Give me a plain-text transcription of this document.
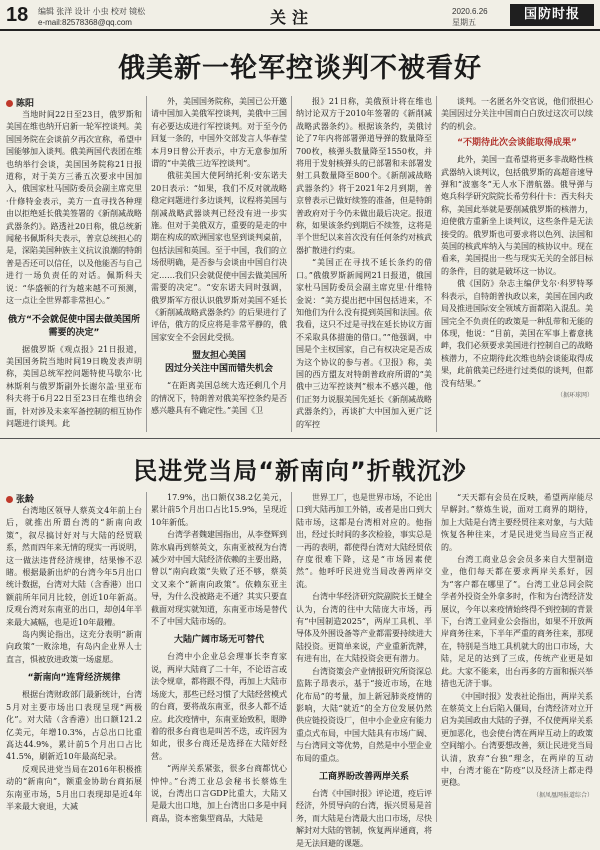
18 编辑 张洋 设计 小虫 校对 镜松
e-mail:82578368@qq.com	关注	2020.6.26
星期五
国防时报
俄美新一轮军控谈判不被看好

陈阳

当地时间22日至23日，俄罗斯和美国在维也纳开启新一轮军控谈判。美国国务院在会谈前夕再次宣称，希望中国能够加入谈判。俄美两国代表团在维也纳举行会谈，美国国务院称21日报道称，对于美方三番五次要求中国加入，俄国家杜马国防委员会副主席克里·什修特金表示，美方一直寻找各种理由以拒绝延长俄美签署的《新削减战略武器条约》。路透社20日称，俄总统新闻秘书佩斯科夫表示，普京总统担心的是，深陷美国种族主义抗议浪潮的特朗普是否还可以信任，以及他能否与自己进行一场负责任的对话。佩斯科夫说：“华盛顿的行为越来越不可预测，这一点让全世界都非常担心。”

俄方“不会就促使中国去做美国所需要的决定”

据俄罗斯《观点报》21日报道，美国国务院当地时间19日晚发表声明称，美国总统军控问题特使马歇尔·比林斯利与俄罗斯副外长谢尔盖·里亚布科夫将于6月22日至23日在维也纳会面，针对涉及未来军备控制的相互协作问题进行谈判。此

外，美国国务院称，美国已公开邀请中国加入美俄军控谈判，美俄中三国有必要达成进行军控谈判。对于至今仍回复一条的，中国外交部发言人华春莹本月9日曾公开表示，中方无意参加所谓的“中美俄三边军控谈判”。

俄驻美国大使阿纳托利·安东诺夫20日表示：“如果，我们不反对就战略稳定问题进行多边谈判，议程将美国与削减战略武器谈判已经没有进一步实施。但对于美俄双方，重要的是走的中期在构成的欧洲国家也坚到谈判桌前，包括法国和英国。至于中国，我们的立场很明确，是否参与会谈由中国自行决定……我们只会就促使中国去做美国所需要的决定”。“安东诺夫同时强调，俄罗斯军方很认识俄罗斯对美国不延长《新削减战略武器条约》的后果进行了评估，俄方的反应将是非常平静的，俄国家安全不会因此受损。

盟友担心美国
因过分关注中国而错失机会

“在距离美国总统大选还剩几个月的情况下，特朗普对俄美军控条约是否感兴趣具有不确定性。”美国《卫

报》21日称，美俄预计将在维也纳讨论双方于2010年签署的《新削减战略武器条约》。根据该条约，美俄讨论了7年内将部署弹道导弹的数量降至700枚，核弹头数量降至1550枚，并将用于发射核弹头的已部署和未部署发射工具数量降至800个。《新削减战略武器条约》将于2021年2月到期，普京曾表示已做好续签的准备，但是特朗普政府对于今仍未做出最后决定。报道称，如果该条约到期后不续签，这将是半个世纪以来首次没有任何条约对核武器扩散进行约束。

“美国正在寻找不延长条约的借口。”俄俄罗斯新闻网21日报道，俄国家杜马国防委员会副主席克里·什维特金说：“美方提出把中国包括进来，不知他们为什么没有提到英国和法国。依我看，这只不过是寻找在延长协议方面不采取具体措施的借口。””他强调，中国是个主权国家，自己有权决定是否成为这个协议的参与者。《卫报》称，美国的西方盟友对特朗普政府所谓的“美俄中三边军控谈判”根本不感兴趣，他们正努力说服美国先延长《新削减战略武器条约》，再谈扩大中国加入更广泛的军控

谈判。一名匿名外交官说，他们很担心美国因过分关注中国而白白放过这次可以续约的机会。

“不期待此次会谈能取得成果”

此外，美国一直希望将更多非战略性核武器纳入谈判议，包括俄罗斯的高超音速导弹和“波塞冬”无人水下潜航器。俄导弹与炮兵科学研究院院长希劳科什卡：西夫科夫称，美国此举就是要削减俄罗斯的核潜力，迫使俄方重新坐上谈判议，这些条件是无法接受的。俄罗斯也可要求将以色列、法国和英国的核武库纳入与美国的核协议中。现在看来，美国提出一些与现实无关的全部目标的条件，目的就是破坏这一协议。

俄《国防》杂志主编伊戈尔·科罗特琴科表示，自特朗普执政以来，美国在国内政局及推进国际安全领域方面都陷入混乱。美国完全不负责任的政策是一种乱带和无能的体现，他说：“目前，美国在军事上蓄意挑衅，我们必须要求美国进行控制自己的战略核潜力，不应期待此次维也纳会谈能取得成果，此前俄美已经进行过类似的谈判，但都没有结果。”

（据环球网）

民进党当局“新南向”折戟沉沙

张龄

台湾地区领导人蔡英文4年前上台后，就推出所谓台湾的“新南向政策”，叙尽搞讨好对与大陆的经贸联系，然而四年来无情的现实一再说明，这一做法违背经济规律，结果惨不忍睹。根据最新出炉的台湾今年5月出口统计数据，台湾对大陆（含香港）出口额前所年同月比较，创近10年新高。反观台湾对东南亚的出口，却创4年半来最大减幅，也是近10年最糟。

岛内舆论指出，这充分表明“新南向政策”一败涂地，有岛内企业界人士直言，惧被放进政策一场虚愿。

“新南向”连背经济规律

根据台湾财政部门最新统计，台湾5月对主要市场出口表现呈现“两极化”。对大陆（含香港）出口额121.2亿美元，年增10.3%，占总出口比重高达44.9%，累计前5个月出口占比41.5%，刷新近10年最高纪录。

反观民进党当局在2016年积极推动的“新南向”，额重金协助台商拓展东南亚市场，5月出口表现却是近4年半来最大衰退，大减

17.9%，出口额仅38.2亿美元，累计前5个月出口占比15.9%，呈现近10年新低。

台湾学者魏建国指出，从李登辉到陈水扁再到蔡英文，东南亚被视为台湾减少对中国大陆经济依赖的主要出路，曾以“南向政策”失败了还不够，蔡英文又来个“新南向政策”。依赖东亚主导，为什么没被路走不通？其实只要直截面对现实就知道，东南亚市场是替代不了中国大陆市场的。

大陆广阔市场无可替代

台湾中小企业总会理事长李育家说，两岸大陆商了二十年，不论语言或法令规章，都将跟不得，再加上大陆市场庞大，那些已经习惯了大陆经营模式的台商，要将战东南亚，很多人都不适应。此次疫情中，东南亚始致积，眼睁着的很多台商也是叫苦不迭，或许因为如此，很多台商还是选择在大陆好经营。

“两岸关系紧张，很多台商都忧心忡忡。”台湾工业总会秘书长蔡炼生说，台湾出口言GDP比重大，大陆又是最大出口地，加上台湾出口多是中间商品，资本密集型商品，大陆是

世界工厂，也是世界市场，不论出口到大陆再加工外销，或者是出口到大陆市场，这都是台湾相对应的。他指出，经过长时间的多次检验，事实总是一再的表明，都使得台湾对大陆经贸依存度很难下降，这是“市场因素使然”。他呼吁民进党当局改善两岸交流。

台湾中华经济研究院副院长王健全认为，台湾的往中大陆庞大市场，再有“中国制造2025”，两岸工具机、半导体及外围设备等产业都需要持续进大陆投资。更简单来说，产业重新洗牌，有进有出，在大陆投资会更有潜力。

台湾资策会产业情报研究所资深总监陈子昂表示，基于“接近市场，在地化布局”的考量，加上新冠肺炎疫情的影响，大陆“就近”的全方位发展仍然供应链投资设厂，但中小企业应有能力重点式布局，中国大陆具有市场广阔、与台湾同文等优势，自然是中小型企业布局的重点。

工商界盼改善两岸关系

台湾《中国时报》评论道，疫后评经济，外贸导向的台湾，振兴贸易是首务，而大陆是台湾最大出口市场，尽快解封对大陆的管制，恢复两岸通商，将是无法回避的课题。

“天天都有会员在反映，希望两岸能尽早解封。”蔡炼生说，面对工商界的期待，加上大陆是台湾主要经贸往来对象，与大陆恢复各种往来，才是民进党当局应当正视的。

台湾工商业总会会员多来自大型制造业，他们每天都在要求两岸关系好，因为“客户都在哪里了”。台湾工业总同会院学者外投资全外拿多时，作和为台湾经济发展议，今年以来疫情始终得不到控制的背景下，台湾工业同业公会指出，如果不开放两岸商务往来，下半年严重的商务往来，那现在，特别是当地工具机就大的出口市场，大陆，足足的达到了三成，传统产业更是如此。大家不能来，出台再多的方面和振兴举措也无济于事。

《中国时报》发表社论指出，两岸关系在蔡英文上台后陷入僵局，台湾经济对立开启为美国政由大陆的子弹，不仅使两岸关系更加恶化，也会使台湾在两岸互动上的政策空间缩小。台湾要想改善，须让民进党当局认清，放弃“台独”理念，在两岸的互动中，台湾才能在“防疫”以及经济上都走得更稳。

（据凤凰网报道综合）
